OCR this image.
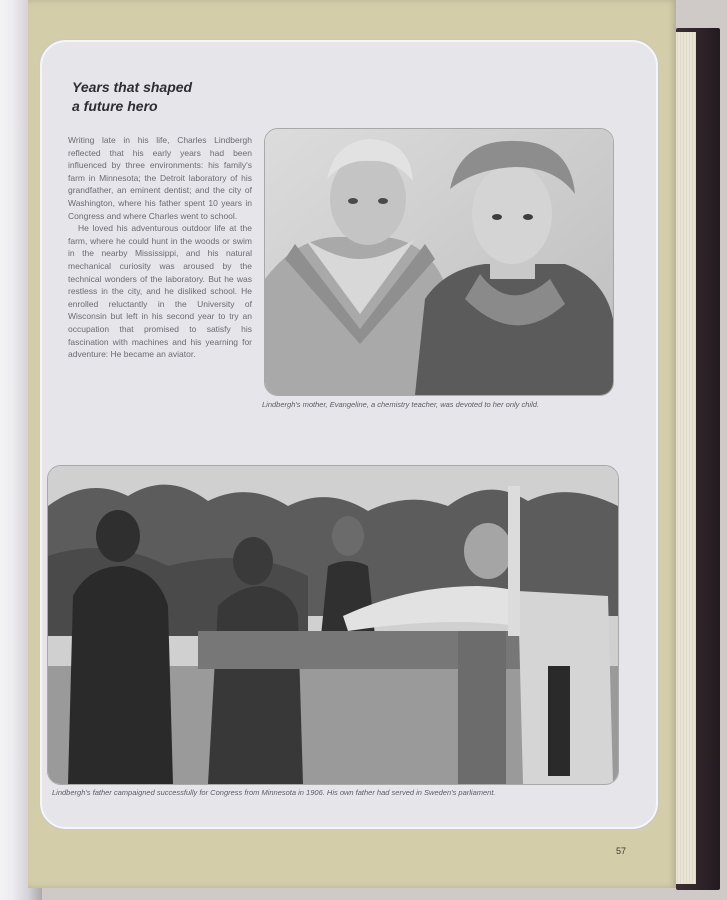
Years that shaped
a future hero

Writing late in his life, Charles Lindbergh reflected that his early years had been influenced by three environments: his family's farm in Minnesota; the Detroit laboratory of his grandfather, an eminent dentist; and the city of Washington, where his father spent 10 years in Congress and where Charles went to school.

He loved his adventurous outdoor life at the farm, where he could hunt in the woods or swim in the nearby Mississippi, and his natural mechanical curiosity was aroused by the technical wonders of the laboratory. But he was restless in the city, and he disliked school. He enrolled reluctantly in the University of Wisconsin but left in his second year to try an occupation that promised to satisfy his fascination with machines and his yearning for adventure: He became an aviator.

Lindbergh's mother, Evangeline, a chemistry teacher, was devoted to her only child.

Lindbergh's father campaigned successfully for Congress from Minnesota in 1906. His own father had served in Sweden's parliament.

57
